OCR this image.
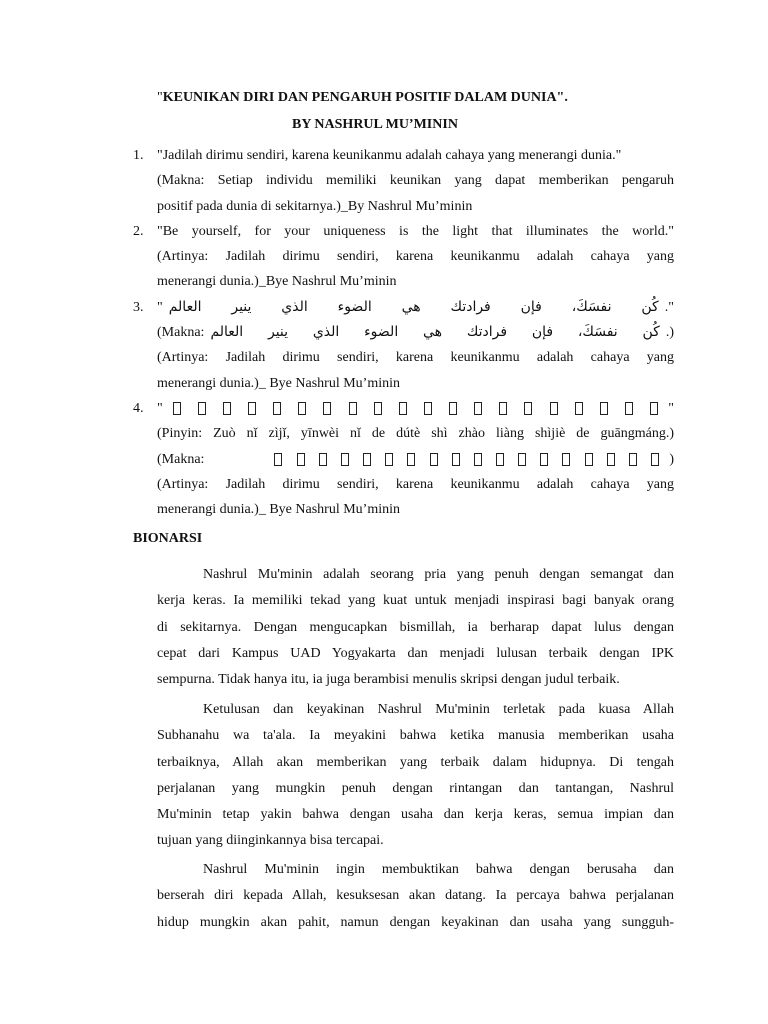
"KEUNIKAN DIRI DAN PENGARUH POSITIF DALAM DUNIA".
BY NASHRUL MU’MININ
1. "Jadilah dirimu sendiri, karena keunikanmu adalah cahaya yang menerangi dunia."
(Makna: Setiap individu memiliki keunikan yang dapat memberikan pengaruh
positif pada dunia di sekitarnya.)_By Nashrul Mu’minin
2. "Be yourself, for your uniqueness is the light that illuminates the world."
(Artinya: Jadilah dirimu sendiri, karena keunikanmu adalah cahaya yang
menerangi dunia.)_Bye Nashrul Mu’minin
3. " العالم ينير الذي الضوء هي فرادتك فإن نفسَكَ، كُن ."
(Makna: العالم ينير الذي الضوء هي فرادتك فإن نفسَكَ، كُن .)
(Artinya: Jadilah dirimu sendiri, karena keunikanmu adalah cahaya yang
menerangi dunia.)_ Bye Nashrul Mu’minin
4. "	"
(Pinyin: Zuò nǐ zìjǐ, yīnwèi nǐ de dútè shì zhào liàng shìjiè de guāngmáng.)
(Makna:	)
(Artinya: Jadilah dirimu sendiri, karena keunikanmu adalah cahaya yang
menerangi dunia.)_ Bye Nashrul Mu’minin
BIONARSI
Nashrul Mu'minin adalah seorang pria yang penuh dengan semangat dan
kerja keras. Ia memiliki tekad yang kuat untuk menjadi inspirasi bagi banyak orang
di sekitarnya. Dengan mengucapkan bismillah, ia berharap dapat lulus dengan
cepat dari Kampus UAD Yogyakarta dan menjadi lulusan terbaik dengan IPK
sempurna. Tidak hanya itu, ia juga berambisi menulis skripsi dengan judul terbaik.
Ketulusan dan keyakinan Nashrul Mu'minin terletak pada kuasa Allah
Subhanahu wa ta'ala. Ia meyakini bahwa ketika manusia memberikan usaha
terbaiknya, Allah akan memberikan yang terbaik dalam hidupnya. Di tengah
perjalanan yang mungkin penuh dengan rintangan dan tantangan, Nashrul
Mu'minin tetap yakin bahwa dengan usaha dan kerja keras, semua impian dan
tujuan yang diinginkannya bisa tercapai.
Nashrul Mu'minin ingin membuktikan bahwa dengan berusaha dan
berserah diri kepada Allah, kesuksesan akan datang. Ia percaya bahwa perjalanan
hidup mungkin akan pahit, namun dengan keyakinan dan usaha yang sungguh-
